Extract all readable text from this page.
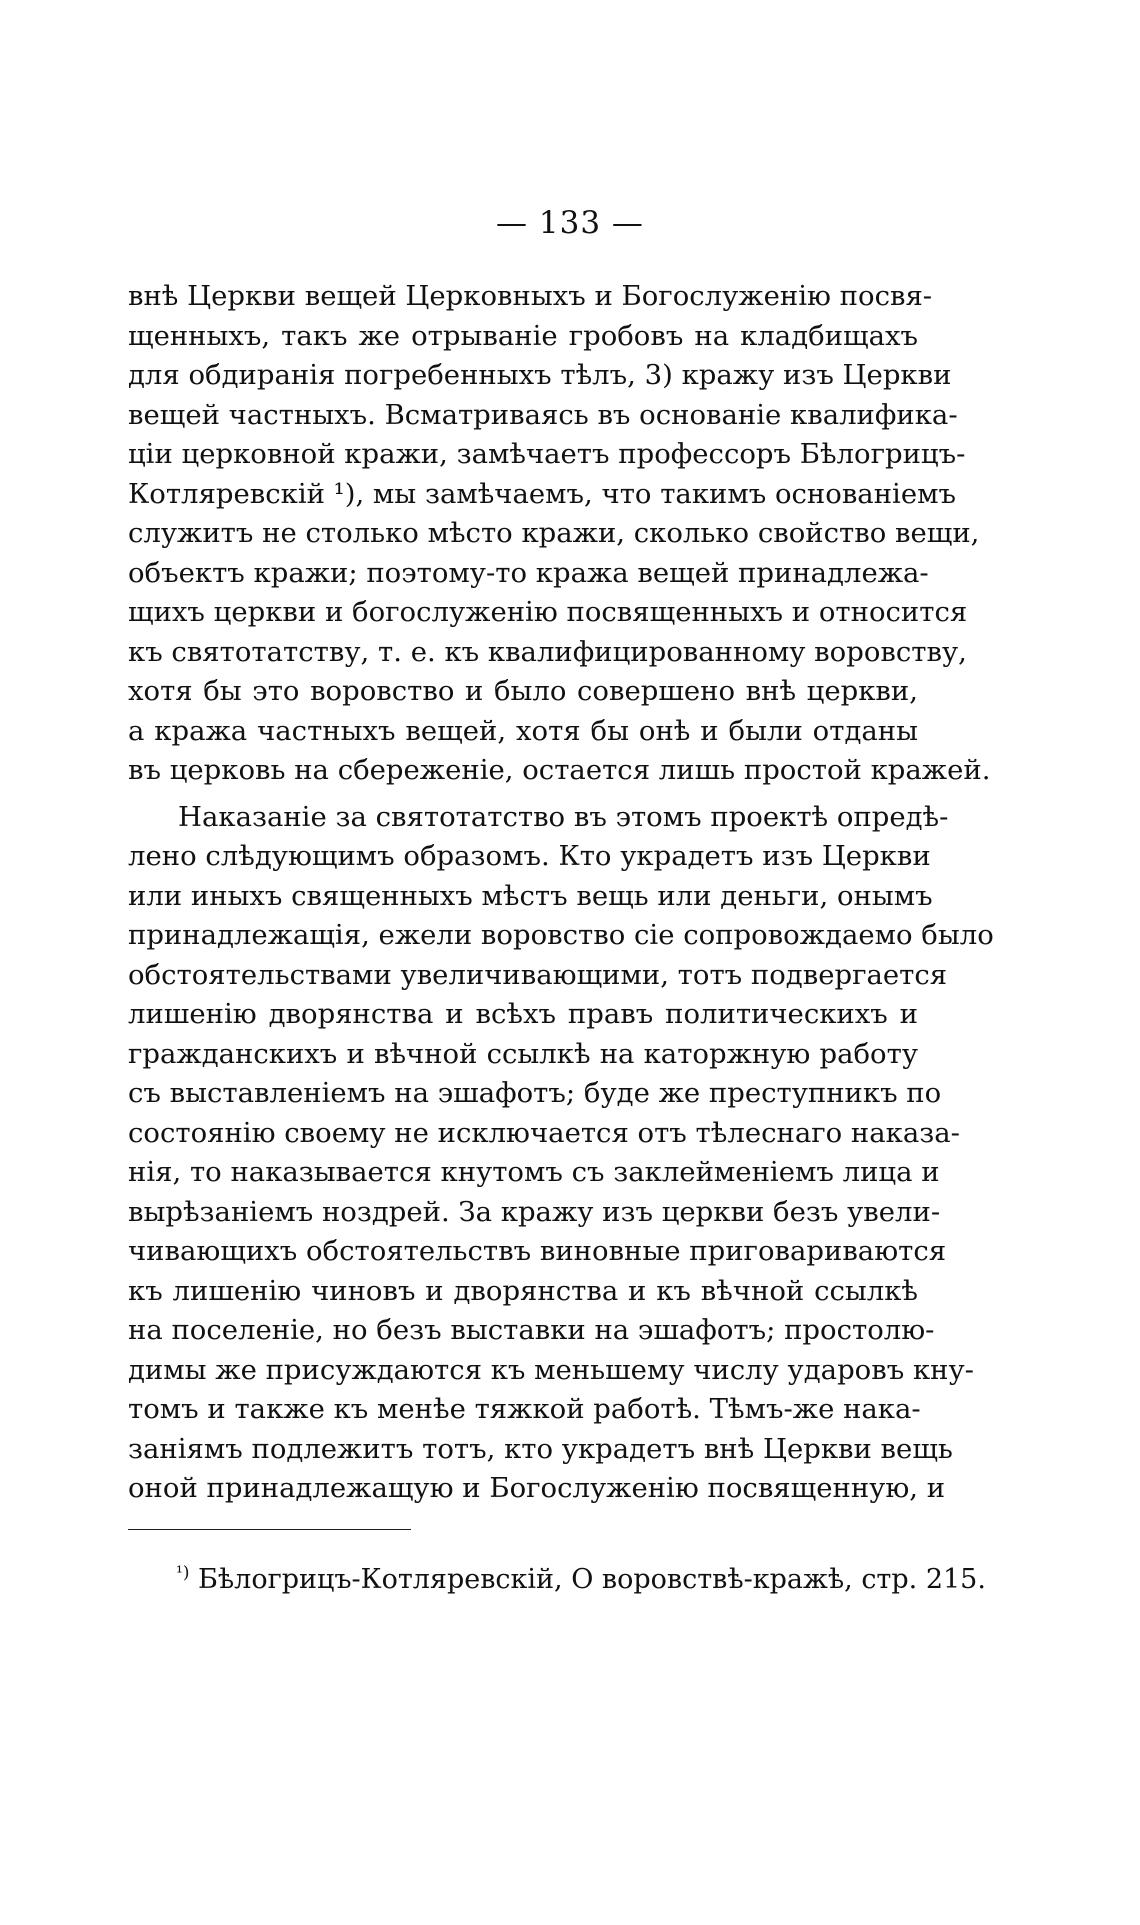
— 133 —
внѣ Церкви вещей Церковныхъ и Богослуженію посвя-
щенныхъ, такъ же отрываніе гробовъ на кладбищахъ
для обдиранія погребенныхъ тѣлъ, 3) кражу изъ Церкви
вещей частныхъ. Всматриваясь въ основаніе квалифика-
ціи церковной кражи, замѣчаетъ профессоръ Бѣлогрицъ-
Котляревскій ¹), мы замѣчаемъ, что такимъ основаніемъ
служитъ не столько мѣсто кражи, сколько свойство вещи,
объектъ кражи; поэтому-то кража вещей принадлежа-
щихъ церкви и богослуженію посвященныхъ и относится
къ святотатству, т. е. къ квалифицированному воровству,
хотя бы это воровство и было совершено внѣ церкви,
а кража частныхъ вещей, хотя бы онѣ и были отданы
въ церковь на сбереженіе, остается лишь простой кражей.
Наказаніе за святотатство въ этомъ проектѣ опредѣ-
лено слѣдующимъ образомъ. Кто украдетъ изъ Церкви
или иныхъ священныхъ мѣстъ вещь или деньги, онымъ
принадлежащія, ежели воровство сіе сопровождаемо было
обстоятельствами увеличивающими, тотъ подвергается
лишенію дворянства и всѣхъ правъ политическихъ и
гражданскихъ и вѣчной ссылкѣ на каторжную работу
съ выставленіемъ на эшафотъ; буде же преступникъ по
состоянію своему не исключается отъ тѣлеснаго наказа-
нія, то наказывается кнутомъ съ заклейменіемъ лица и
вырѣзаніемъ ноздрей. За кражу изъ церкви безъ увели-
чивающихъ обстоятельствъ виновные приговариваются
къ лишенію чиновъ и дворянства и къ вѣчной ссылкѣ
на поселеніе, но безъ выставки на эшафотъ; простолю-
димы же присуждаются къ меньшему числу ударовъ кну-
томъ и также къ менѣе тяжкой работѣ. Тѣмъ-же нака-
заніямъ подлежитъ тотъ, кто украдетъ внѣ Церкви вещь
оной принадлежащую и Богослуженію посвященную, и
$^{^1)}$ Бѣлогрицъ-Котляревскій, О воровствѣ-кражѣ, стр. 215.
